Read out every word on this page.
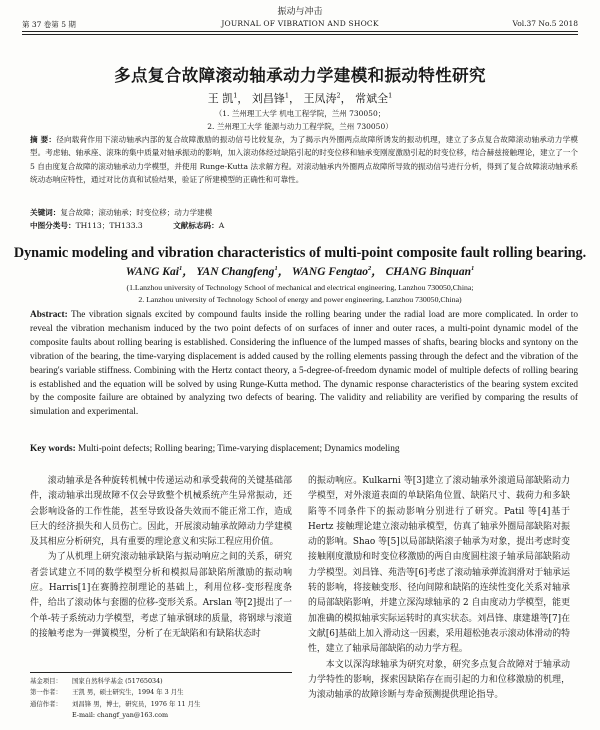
振动与冲击
第 37 卷第 5 期	JOURNAL OF VIBRATION AND SHOCK	Vol.37 No.5 2018
多点复合故障滚动轴承动力学建模和振动特性研究
王 凯$^1$， 刘昌锋$^1$， 王凤涛$^2$， 常斌全$^1$
（1. 兰州理工大学 机电工程学院，兰州 730050；
2. 兰州理工大学 能源与动力工程学院，兰州 730050）
摘 要：径向载荷作用下滚动轴承内部的复合故障激励的振动信号比较复杂，为了揭示内外圈两点故障所诱发的振动机理，建立了多点复合故障滚动轴承动力学模型。考虑轴、轴承座、滚珠的集中质量对轴承振动的影响，加入滚动体经过缺陷引起的时变位移和轴承变刚度激励引起的时变位移，结合赫兹接触理论，建立了一个 5 自由度复合故障的滚动轴承动力学模型，并使用 Runge-Kutta 法求解方程。对滚动轴承内外圈两点故障所导致的振动信号进行分析，得到了复合故障滚动轴承系统动态响应特性，通过对比仿真和试验结果，验证了所建模型的正确性和可靠性。
关键词：复合故障；滚动轴承；时变位移；动力学建模
中图分类号：TH113；TH133.3	文献标志码：A
Dynamic modeling and vibration characteristics of multi-point composite fault rolling bearing.
WANG Kai$^1$， YAN Changfeng$^1$， WANG Fengtao$^2$， CHANG Binquan$^1$
(1.Lanzhou university of Technology School of mechanical and electrical engineering, Lanzhou 730050,China;
2. Lanzhou university of Technology School of energy and power engineering, Lanzhou 730050,China)
Abstract: The vibration signals excited by compound faults inside the rolling bearing under the radial load are more complicated. In order to reveal the vibration mechanism induced by the two point defects of on surfaces of inner and outer races, a multi-point dynamic model of the composite faults about rolling bearing is established. Considering the influence of the lumped masses of shafts, bearing blocks and syntony on the vibration of the bearing, the time-varying displacement is added caused by the rolling elements passing through the defect and the vibration of the bearing's variable stiffness. Combining with the Hertz contact theory, a 5-degree-of-freedom dynamic model of multiple defects of rolling bearing is established and the equation will be solved by using Runge-Kutta method. The dynamic response characteristics of the bearing system excited by the composite failure are obtained by analyzing two defects of bearing. The validity and reliability are verified by comparing the results of simulation and experimental.
Key words: Multi-point defects; Rolling bearing; Time-varying displacement; Dynamics modeling

滚动轴承是各种旋转机械中传递运动和承受载荷的关键基础部件，滚动轴承出现故障不仅会导致整个机械系统产生异常振动，还会影响设备的工作性能，甚至导致设备失效而不能正常工作，造成巨大的经济损失和人员伤亡。因此，开展滚动轴承故障动力学建模及其相应分析研究，具有重要的理论意义和实际工程应用价值。

为了从机理上研究滚动轴承缺陷与振动响应之间的关系，研究者尝试建立不同的数学模型分析和模拟局部缺陷所激励的振动响应。Harris[1]在赛腾控制理论的基础上，利用位移-变形程度条件，给出了滚动体与套圈的位移-变形关系。Arslan 等[2]提出了一个单-转子系统动力学模型，考虑了轴承钢球的质量，将钢球与滚道的接触考虑为一弹簧模型，分析了在无缺陷和有缺陷状态时

的振动响应。Kulkarni 等[3]建立了滚动轴承外滚道局部缺陷动力学模型，对外滚道表面的单缺陷角位置、缺陷尺寸、载荷力和多缺陷等不同条件下的振动影响分别进行了研究。Patil 等[4]基于 Hertz 接触理论建立滚动轴承模型，仿真了轴承外圈局部缺陷对振动的影响。Shao 等[5]以局部缺陷滚子轴承为对象，提出考虑时变接触刚度激励和时变位移激励的两自由度圆柱滚子轴承局部缺陷动力学模型。刘昌锋、苑浩等[6]考虑了滚动轴承弹流润滑对于轴承运转的影响，将接触变形、径向间隙和缺陷的连续性变化关系对轴承的局部缺陷影响，并建立深沟球轴承的 2 自由度动力学模型，能更加准确的模拟轴承实际运转时的真实状态。刘昌锋、康建雄等[7]在文献[6]基础上加入滑动这一因素，采用超松弛表示滚动体滑动的特性，建立了轴承局部缺陷的动力学方程。

本文以深沟球轴承为研究对象，研究多点复合故障对于轴承动力学特性的影响，探索因缺陷存在而引起的力和位移激励的机理，为滚动轴承的故障诊断与寿命预测提供理论指导。

基金项目： 国家自然科学基金 (51765034)
第一作者： 王凯 男，硕士研究生，1994 年 3 月生
通信作者： 刘昌锋 男，博士，研究员，1976 年 11 月生
E-mail: changf_yan@163.com
